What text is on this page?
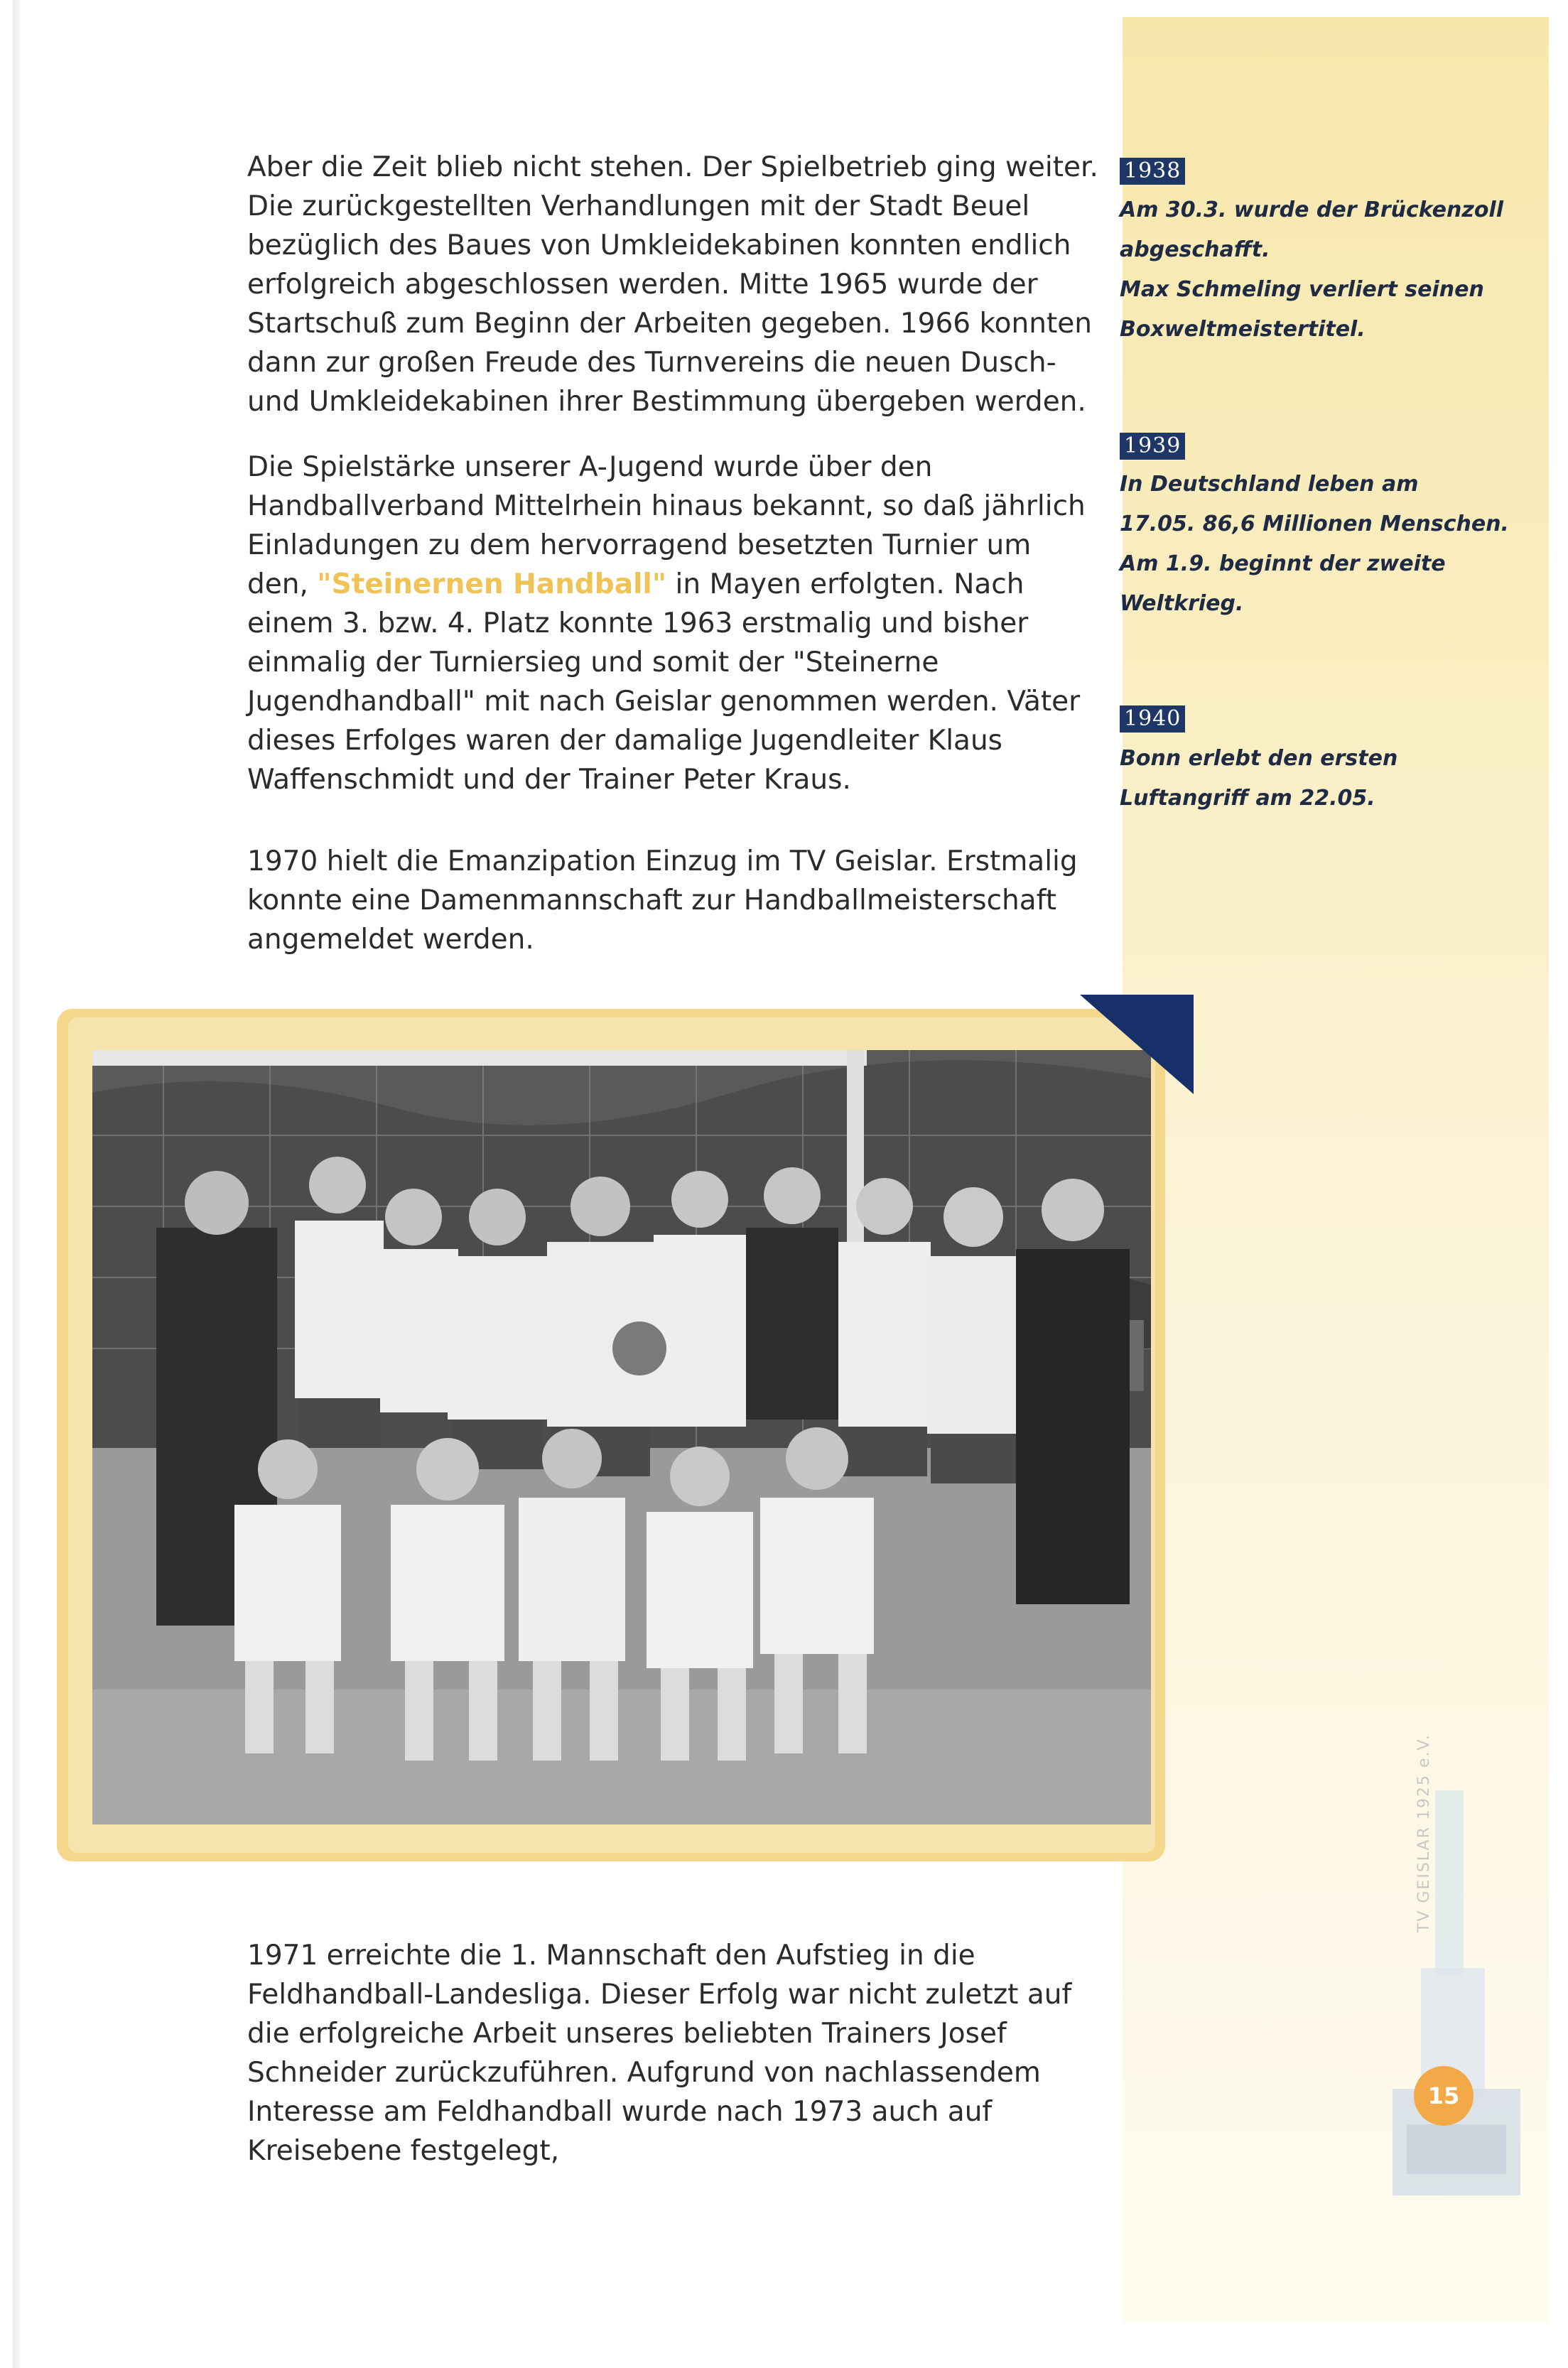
Aber die Zeit blieb nicht stehen. Der Spielbetrieb ging weiter. Die zurückgestellten Verhandlungen mit der Stadt Beuel bezüglich des Baues von Umkleidekabinen konnten endlich erfolgreich abgeschlossen werden. Mitte 1965 wurde der Startschuß zum Beginn der Arbeiten gegeben. 1966 konnten dann zur großen Freude des Turnvereins die neuen Dusch- und Umkleidekabinen ihrer Bestimmung übergeben werden.

Die Spielstärke unserer A-Jugend wurde über den Handballverband Mittelrhein hinaus bekannt, so daß jährlich Einladungen zu dem hervorragend besetzten Turnier um den, "Steinernen Handball" in Mayen erfolgten. Nach einem 3. bzw. 4. Platz konnte 1963 erstmalig und bisher einmalig der Turniersieg und somit der "Steinerne Jugendhandball" mit nach Geislar genommen werden. Väter dieses Erfolges waren der damalige Jugendleiter Klaus Waffenschmidt und der Trainer Peter Kraus.

1970 hielt die Emanzipation Einzug im TV Geislar. Erstmalig konnte eine Damenmannschaft zur Handballmeisterschaft angemeldet werden.

1938

Am 30.3. wurde der Brückenzoll
abgeschafft.
Max Schmeling verliert seinen
Boxweltmeistertitel.

1939

In Deutschland leben am
17.05. 86,6 Millionen Menschen.
Am 1.9. beginnt der zweite
Weltkrieg.

1940

Bonn erlebt den ersten
Luftangriff am 22.05.

1971 erreichte die 1. Mannschaft den Aufstieg in die Feldhandball-Landesliga. Dieser Erfolg war nicht zuletzt auf die erfolgreiche Arbeit unseres beliebten Trainers Josef Schneider zurückzuführen. Aufgrund von nachlassendem Interesse am Feldhandball wurde nach 1973 auch auf Kreisebene festgelegt,

TV GEISLAR 1925 e.V.
15
